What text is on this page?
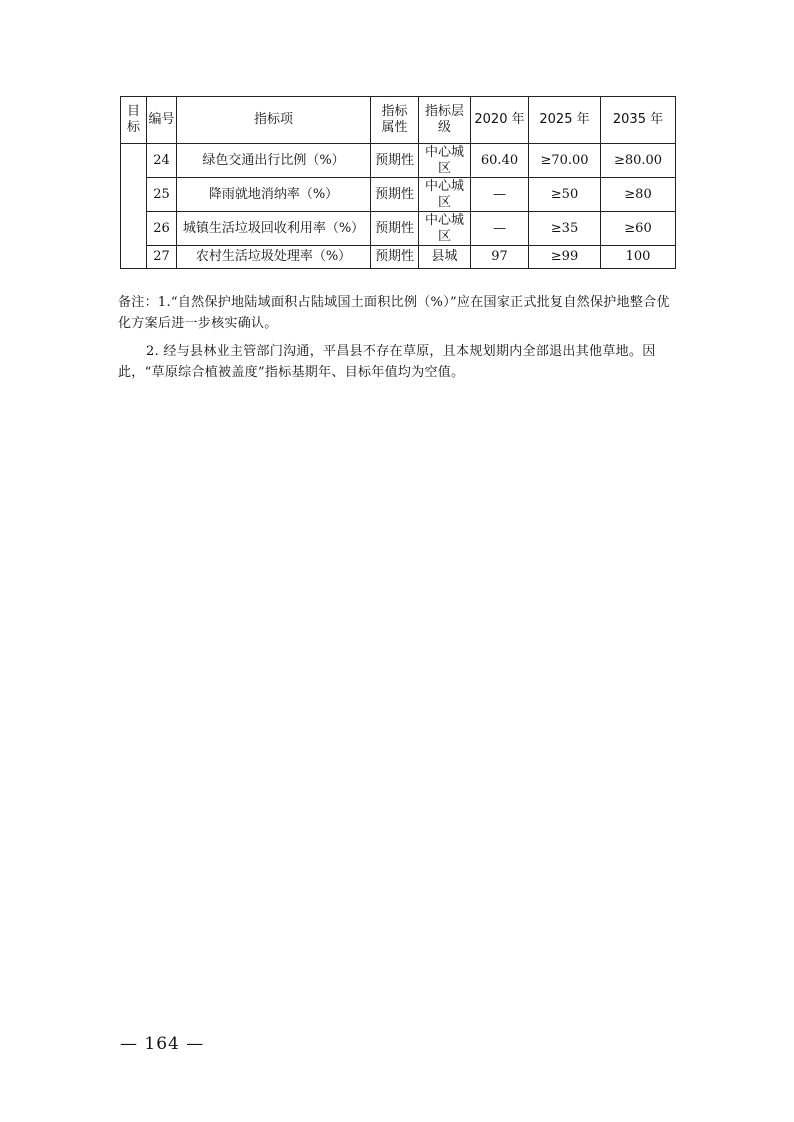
目标	编号	指标项	指标属性	指标层级	2020 年	2025 年	2035 年
	24	绿色交通出行比例（%）	预期性	中心城区	60.40	≥70.00	≥80.00
	25	降雨就地消纳率（%）	预期性	中心城区	—	≥50	≥80
	26	城镇生活垃圾回收利用率（%）	预期性	中心城区	—	≥35	≥60
	27	农村生活垃圾处理率（%）	预期性	县城	97	≥99	100

备注：1.“自然保护地陆域面积占陆域国土面积比例（%）”应在国家正式批复自然保护地整合优化方案后进一步核实确认。

2. 经与县林业主管部门沟通，平昌县不存在草原，且本规划期内全部退出其他草地。因此，“草原综合植被盖度”指标基期年、目标年值均为空值。

— 164 —
